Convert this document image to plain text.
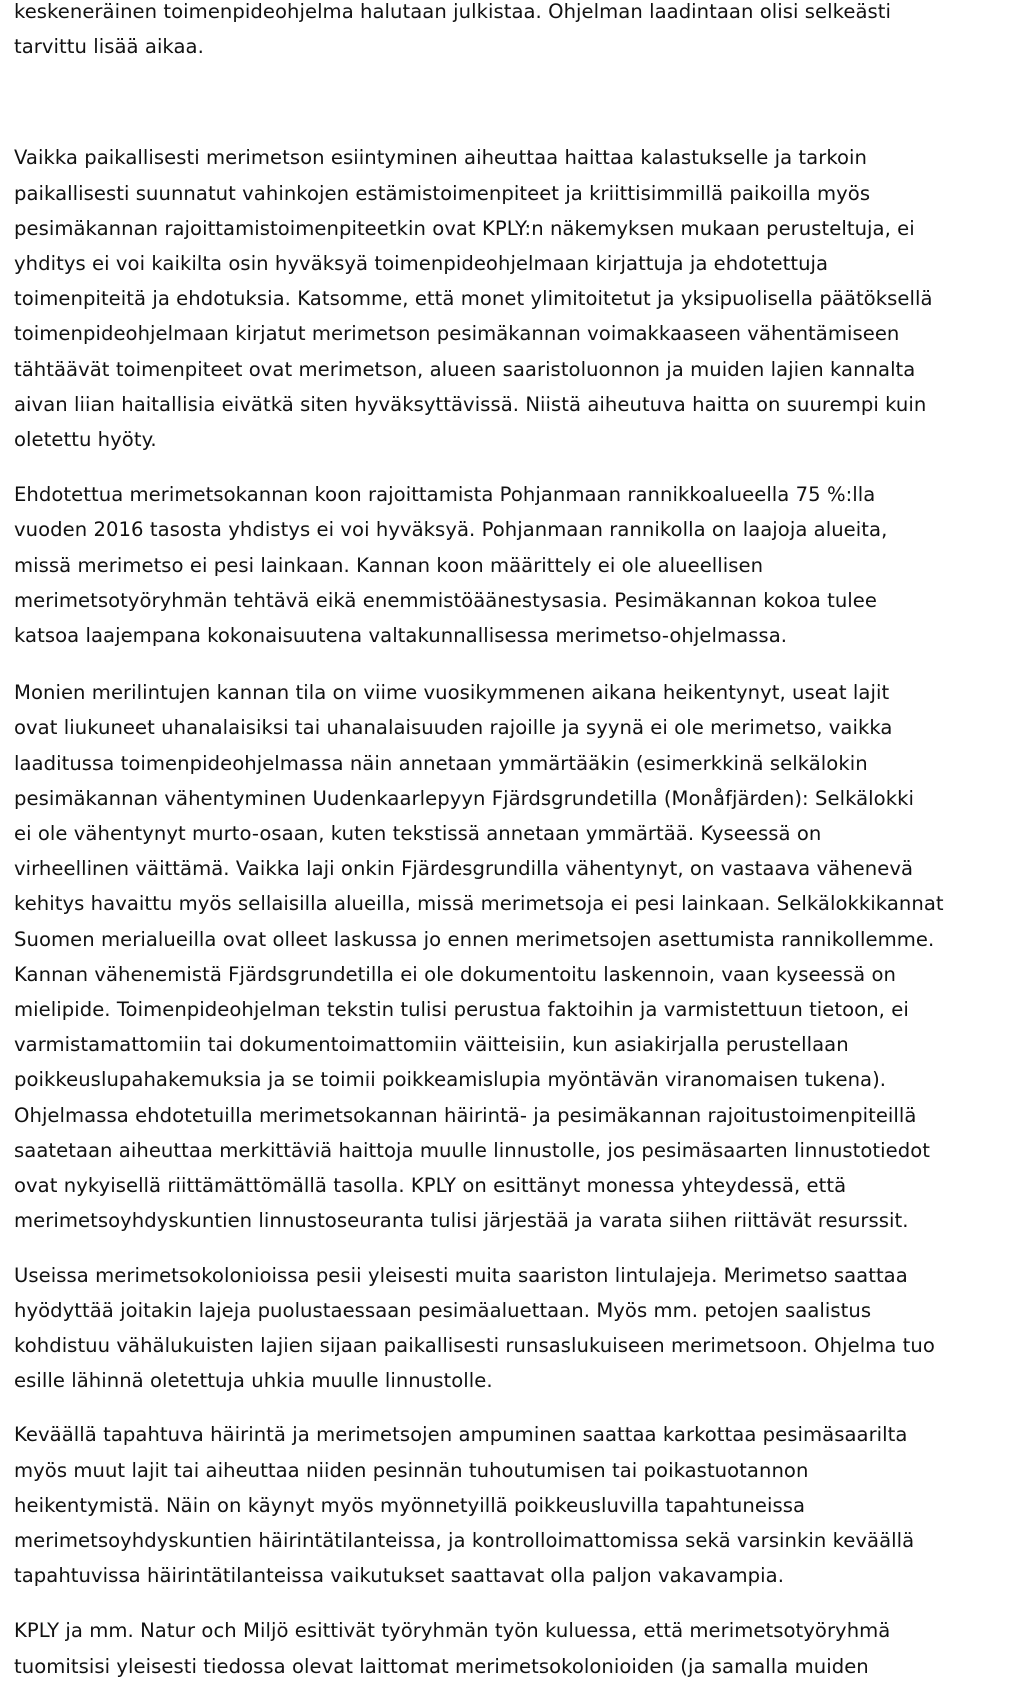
keskeneräinen toimenpideohjelma halutaan julkistaa. Ohjelman laadintaan olisi selkeästi
tarvittu lisää aikaa.
Vaikka paikallisesti merimetson esiintyminen aiheuttaa haittaa kalastukselle ja tarkoin
paikallisesti suunnatut vahinkojen estämistoimenpiteet ja kriittisimmillä paikoilla myös
pesimäkannan rajoittamistoimenpiteetkin ovat KPLY:n näkemyksen mukaan perusteltuja, ei
yhditys ei voi kaikilta osin hyväksyä toimenpideohjelmaan kirjattuja ja ehdotettuja
toimenpiteitä ja ehdotuksia. Katsomme, että monet ylimitoitetut ja yksipuolisella päätöksellä
toimenpideohjelmaan kirjatut merimetson pesimäkannan voimakkaaseen vähentämiseen
tähtäävät toimenpiteet ovat merimetson, alueen saaristoluonnon ja muiden lajien kannalta
aivan liian haitallisia eivätkä siten hyväksyttävissä. Niistä aiheutuva haitta on suurempi kuin
oletettu hyöty.
Ehdotettua merimetsokannan koon rajoittamista Pohjanmaan rannikkoalueella 75 %:lla
vuoden 2016 tasosta yhdistys ei voi hyväksyä. Pohjanmaan rannikolla on laajoja alueita,
missä merimetso ei pesi lainkaan. Kannan koon määrittely ei ole alueellisen
merimetsotyöryhmän tehtävä eikä enemmistöäänestysasia. Pesimäkannan kokoa tulee
katsoa laajempana kokonaisuutena valtakunnallisessa merimetso-ohjelmassa.
Monien merilintujen kannan tila on viime vuosikymmenen aikana heikentynyt, useat lajit
ovat liukuneet uhanalaisiksi tai uhanalaisuuden rajoille ja syynä ei ole merimetso, vaikka
laaditussa toimenpideohjelmassa näin annetaan ymmärtääkin (esimerkkinä selkälokin
pesimäkannan vähentyminen Uudenkaarlepyyn Fjärdsgrundetilla (Monåfjärden): Selkälokki
ei ole vähentynyt murto-osaan, kuten tekstissä annetaan ymmärtää. Kyseessä on
virheellinen väittämä. Vaikka laji onkin Fjärdesgrundilla vähentynyt, on vastaava vähenevä
kehitys havaittu myös sellaisilla alueilla, missä merimetsoja ei pesi lainkaan. Selkälokkikannat
Suomen merialueilla ovat olleet laskussa jo ennen merimetsojen asettumista rannikollemme.
Kannan vähenemistä Fjärdsgrundetilla ei ole dokumentoitu laskennoin, vaan kyseessä on
mielipide. Toimenpideohjelman tekstin tulisi perustua faktoihin ja varmistettuun tietoon, ei
varmistamattomiin tai dokumentoimattomiin väitteisiin, kun asiakirjalla perustellaan
poikkeuslupahakemuksia ja se toimii poikkeamislupia myöntävän viranomaisen tukena).
Ohjelmassa ehdotetuilla merimetsokannan häirintä- ja pesimäkannan rajoitustoimenpiteillä
saatetaan aiheuttaa merkittäviä haittoja muulle linnustolle, jos pesimäsaarten linnustotiedot
ovat nykyisellä riittämättömällä tasolla. KPLY on esittänyt monessa yhteydessä, että
merimetsoyhdyskuntien linnustoseuranta tulisi järjestää ja varata siihen riittävät resurssit.
Useissa merimetsokolonioissa pesii yleisesti muita saariston lintulajeja. Merimetso saattaa
hyödyttää joitakin lajeja puolustaessaan pesimäaluettaan. Myös mm. petojen saalistus
kohdistuu vähälukuisten lajien sijaan paikallisesti runsaslukuiseen merimetsoon. Ohjelma tuo
esille lähinnä oletettuja uhkia muulle linnustolle.
Keväällä tapahtuva häirintä ja merimetsojen ampuminen saattaa karkottaa pesimäsaarilta
myös muut lajit tai aiheuttaa niiden pesinnän tuhoutumisen tai poikastuotannon
heikentymistä. Näin on käynyt myös myönnetyillä poikkeusluvilla tapahtuneissa
merimetsoyhdyskuntien häirintätilanteissa, ja kontrolloimattomissa sekä varsinkin keväällä
tapahtuvissa häirintätilanteissa vaikutukset saattavat olla paljon vakavampia.
KPLY ja mm. Natur och Miljö esittivät työryhmän työn kuluessa, että merimetsotyöryhmä
tuomitsisi yleisesti tiedossa olevat laittomat merimetsokolonioiden (ja samalla muiden
